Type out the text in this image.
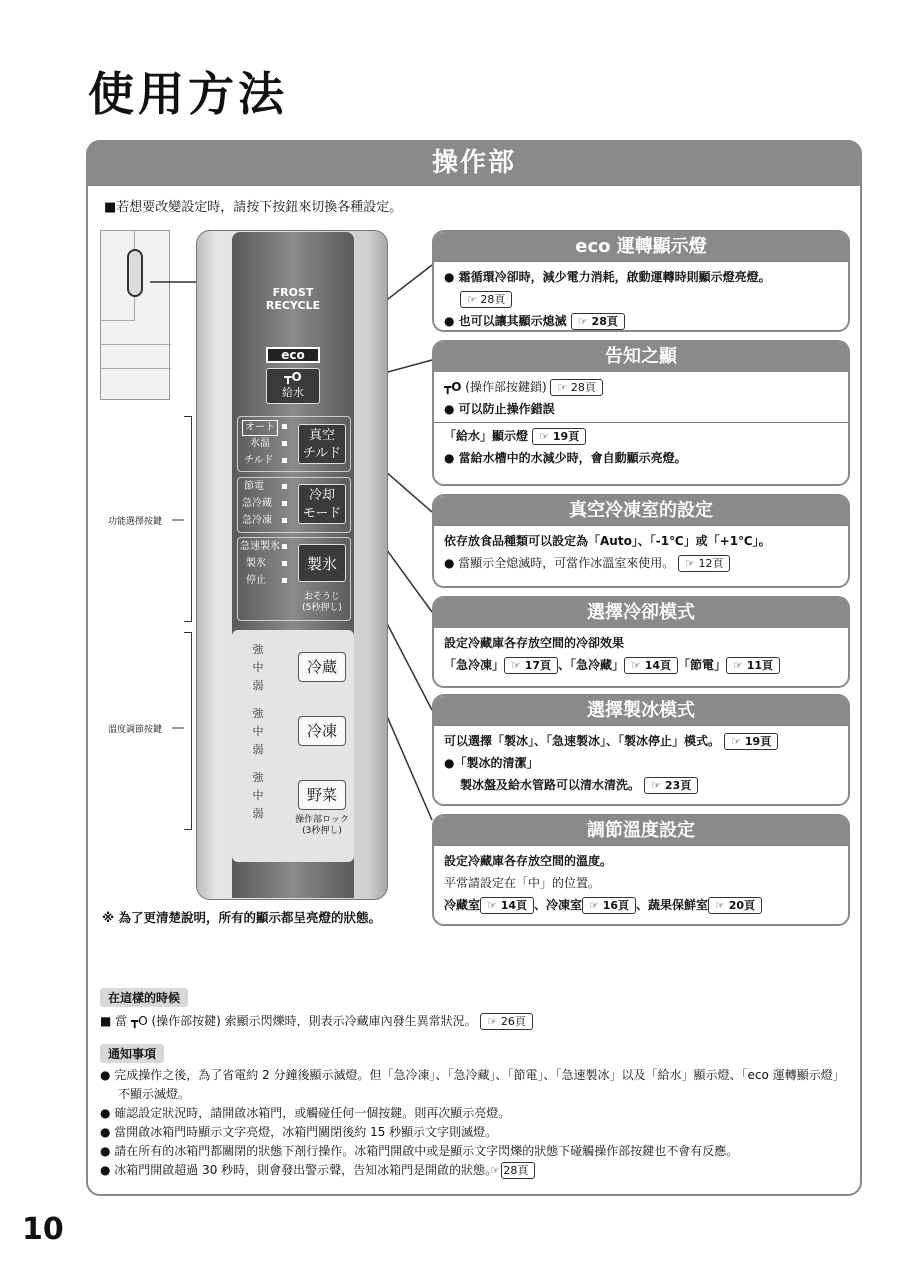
使用方法
操作部
■若想要改變設定時，請按下按鈕來切換各種設定。
FROST
RECYCLE
eco
┳O
給水
オート
氷温
チルド
真空
チルド
節電
急冷蔵
急冷凍
冷却
モード
急速製氷
製氷
停止
製氷
おそうじ
(5秒押し)
強
中
弱
冷蔵
強
中
弱
冷凍
強
中
弱
野菜
操作部ロック
(3秒押し)
功能選擇按鍵
溫度調節按鍵
eco 運轉顯示燈
● 霜循環冷卻時，減少電力消耗，啟動運轉時則顯示燈亮燈。
☞ 28頁
● 也可以讓其顯示熄滅 ☞ 28頁
告知之顯
┳O (操作部按鍵鎖) ☞ 28頁
● 可以防止操作錯誤
「給水」顯示燈 ☞ 19頁
● 當給水槽中的水減少時，會自動顯示亮燈。
真空冷凍室的設定
依存放食品種類可以設定為「Auto」、「-1℃」或「+1℃」。
● 當顯示全熄滅時，可當作冰溫室來使用。 ☞ 12頁
選擇冷卻模式
設定冷藏庫各存放空間的冷卻效果
「急冷凍」 ☞ 17頁 、「急冷藏」 ☞ 14頁 「節電」 ☞ 11頁
選擇製冰模式
可以選擇「製冰」、「急速製冰」、「製冰停止」模式。 ☞ 19頁
●「製冰的清潔」
製冰盤及給水管路可以清水清洗。 ☞ 23頁
調節溫度設定
設定冷藏庫各存放空間的溫度。
平常請設定在「中」的位置。
冷藏室 ☞ 14頁 、冷凍室 ☞ 16頁 、蔬果保鮮室 ☞ 20頁
※ 為了更清楚說明，所有的顯示都呈亮燈的狀態。
在這樣的時候
■ 當 ┳O (操作部按鍵) 索顯示閃爍時，則表示冷藏庫內發生異常狀況。 ☞ 26頁
通知事項
● 完成操作之後，為了省電約 2 分鐘後顯示滅燈。但「急冷凍」、「急冷藏」、「節電」、「急速製冰」以及「給水」顯示燈、「eco 運轉顯示燈」不顯示滅燈。
● 確認設定狀況時，請開啟冰箱門，或觸碰任何一個按鍵。則再次顯示亮燈。
● 當開啟冰箱門時顯示文字亮燈，冰箱門關閉後約 15 秒顯示文字則滅燈。
● 請在所有的冰箱門都關閉的狀態下剤行操作。冰箱門開啟中或是顯示文字閃爍的狀態下碰觸操作部按鍵也不會有反應。
● 冰箱門開啟超過 30 秒時，則會發出警示聲，告知冰箱門是開啟的狀態。 ☞ 28頁
10
